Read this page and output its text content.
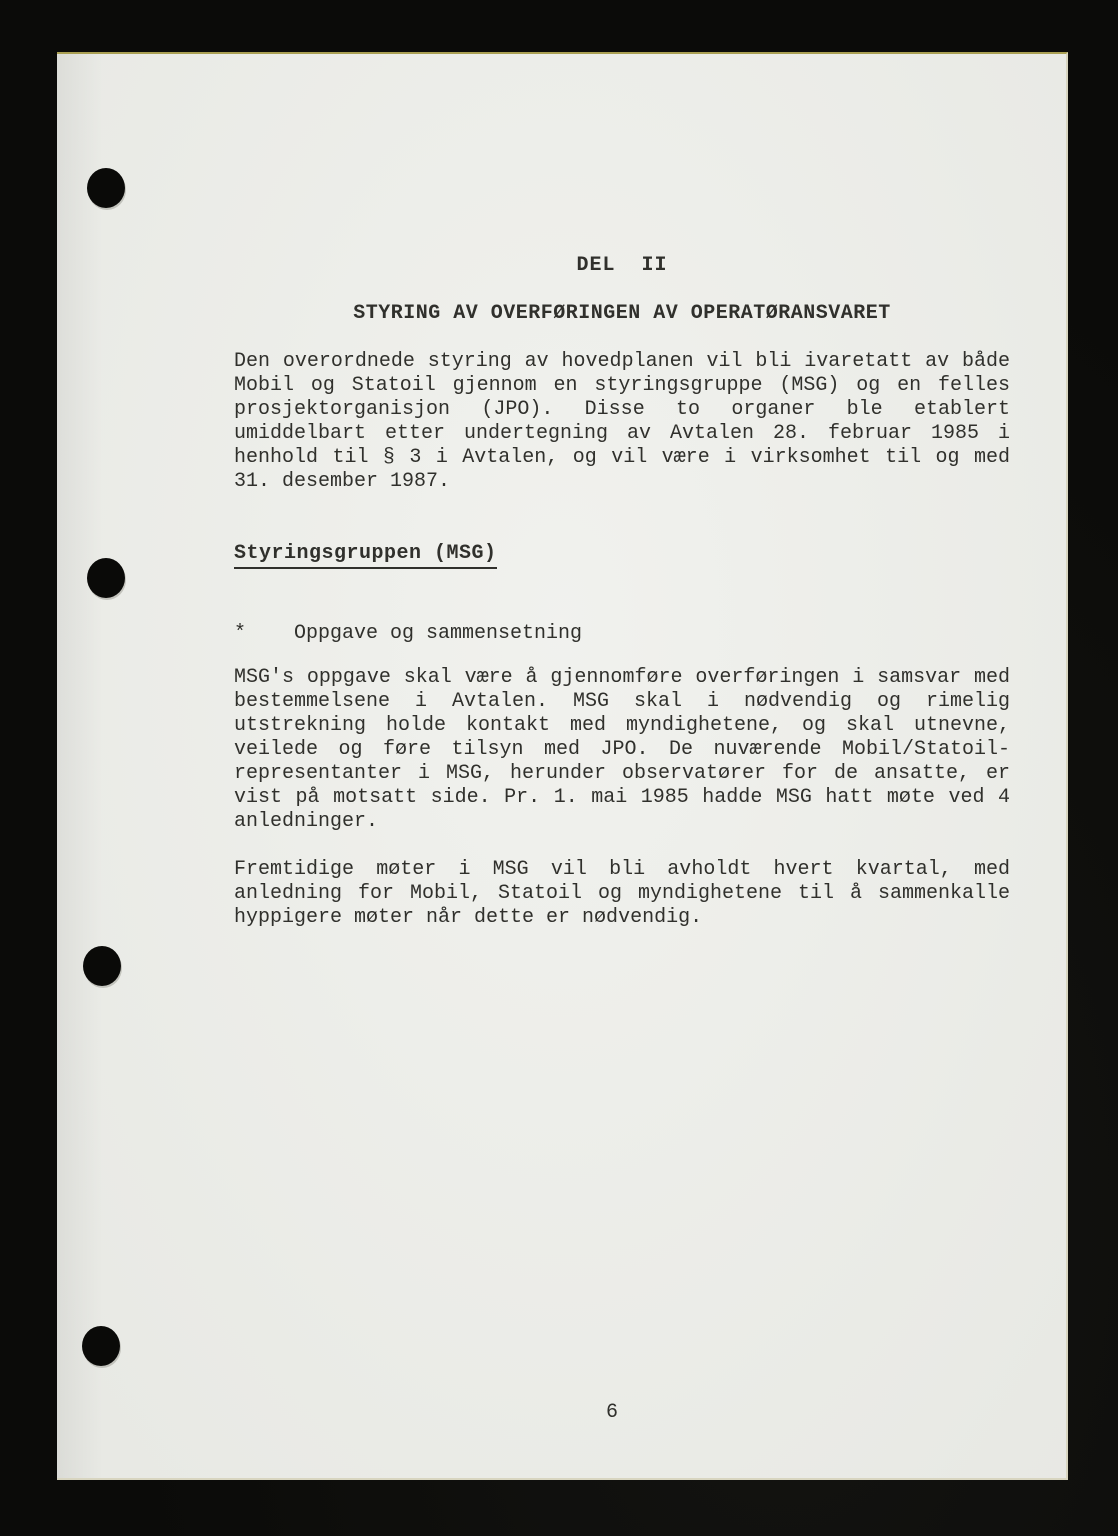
DEL  II
STYRING AV OVERFØRINGEN AV OPERATØRANSVARET
Den overordnede styring av hovedplanen vil bli ivaretatt av både
Mobil og Statoil gjennom en styringsgruppe (MSG) og en felles
prosjektorganisjon (JPO). Disse to organer ble etablert
umiddelbart etter undertegning av Avtalen 28. februar 1985 i
henhold til § 3 i Avtalen, og vil være i virksomhet til og med
31. desember 1987.
Styringsgruppen (MSG)
* Oppgave og sammensetning
MSG's oppgave skal være å gjennomføre overføringen i samsvar med
bestemmelsene i Avtalen. MSG skal i nødvendig og rimelig
utstrekning holde kontakt med myndighetene, og skal utnevne,
veilede og føre tilsyn med JPO. De nuværende Mobil/Statoil-
representanter i MSG, herunder observatører for de ansatte, er
vist på motsatt side. Pr. 1. mai 1985 hadde MSG hatt møte ved 4
anledninger.
Fremtidige møter i MSG vil bli avholdt hvert kvartal, med
anledning for Mobil, Statoil og myndighetene til å sammenkalle
hyppigere møter når dette er nødvendig.
6
